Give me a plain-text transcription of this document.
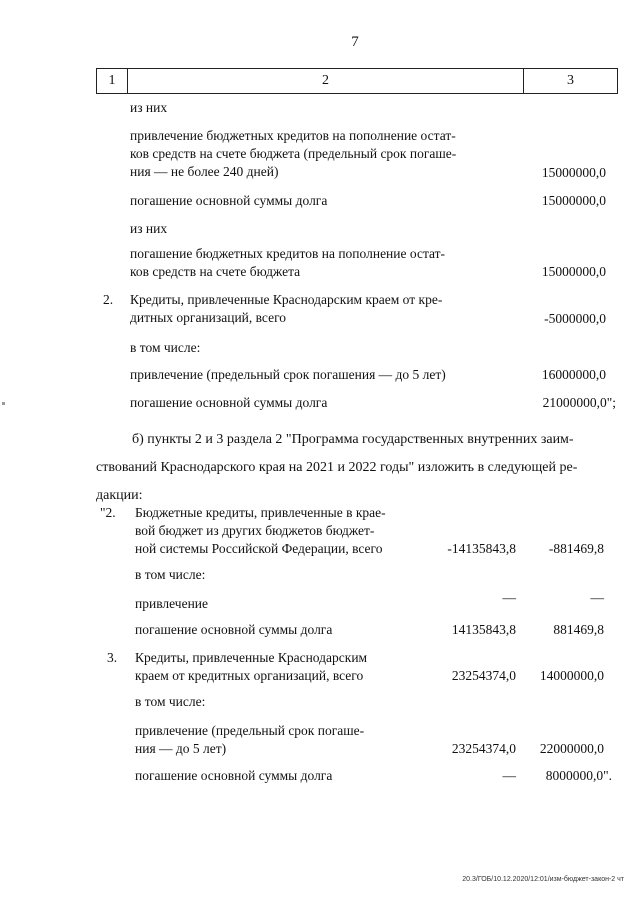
7
1	2	3
из них
привлечение бюджетных кредитов на пополнение остат-
ков средств на счете бюджета (предельный срок погаше-
ния — не более 240 дней)	15000000,0
погашение основной суммы долга	15000000,0
из них
погашение бюджетных кредитов на пополнение остат-
ков средств на счете бюджета	15000000,0
2. Кредиты, привлеченные Краснодарским краем от кре-
дитных организаций, всего	-5000000,0
в том числе:
привлечение (предельный срок погашения — до 5 лет)	16000000,0
погашение основной суммы долга	21000000,0";
б) пункты 2 и 3 раздела 2 "Программа государственных внутренних заим-
ствований Краснодарского края на 2021 и 2022 годы" изложить в следующей ре-
дакции:
"2. Бюджетные кредиты, привлеченные в крае-
вой бюджет из других бюджетов бюджет-
ной системы Российской Федерации, всего	-14135843,8	-881469,8
в том числе:
привлечение	—	—
погашение основной суммы долга	14135843,8	881469,8
3. Кредиты, привлеченные Краснодарским
краем от кредитных организаций, всего	23254374,0	14000000,0
в том числе:
привлечение (предельный срок погаше-
ния — до 5 лет)	23254374,0	22000000,0
погашение основной суммы долга	—	8000000,0".
20.3/ГОБ/10.12.2020/12:01/изм-бюджет-закон-2 чт
